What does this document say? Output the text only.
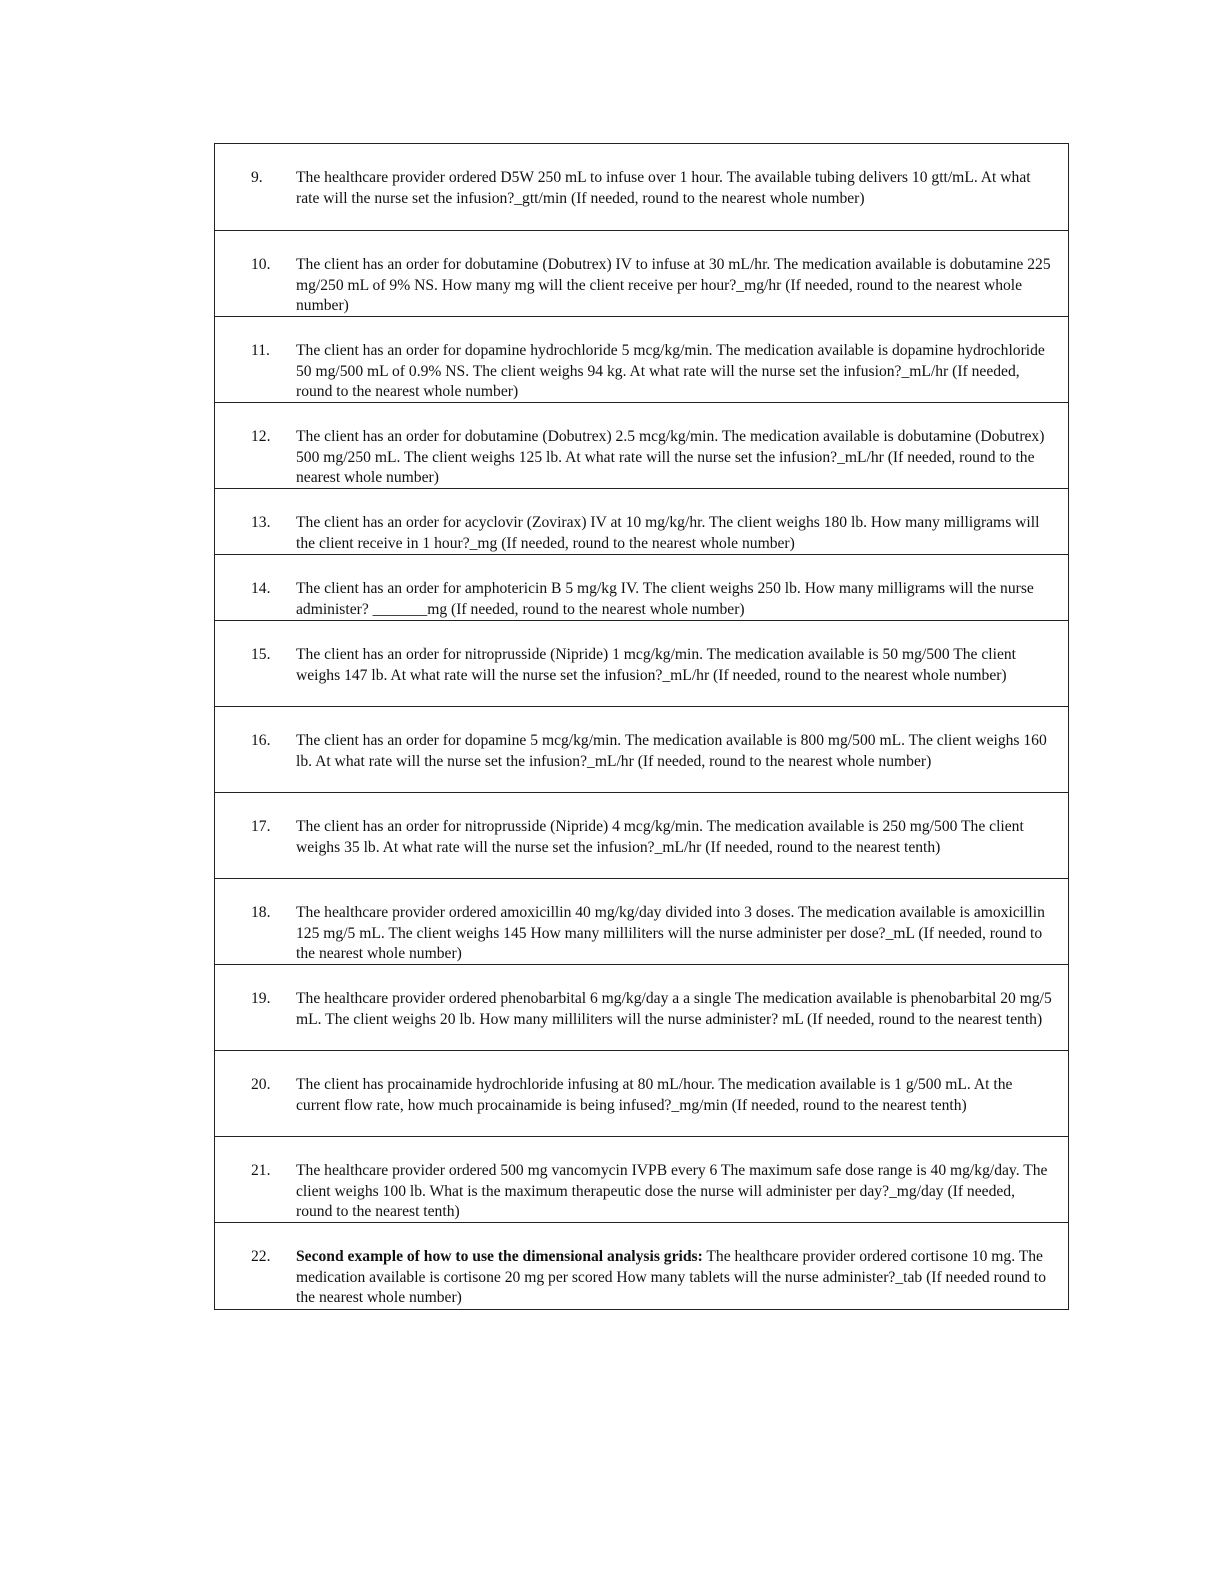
9.	The healthcare provider ordered D5W 250 mL to infuse over 1 hour. The available tubing delivers 10 gtt/mL. At what rate will the nurse set the infusion?_gtt/min (If needed, round to the nearest whole number)
10.	The client has an order for dobutamine (Dobutrex) IV to infuse at 30 mL/hr. The medication available is dobutamine 225 mg/250 mL of 9% NS. How many mg will the client receive per hour?_mg/hr (If needed, round to the nearest whole number)
11.	The client has an order for dopamine hydrochloride 5 mcg/kg/min. The medication available is dopamine hydrochloride 50 mg/500 mL of 0.9% NS. The client weighs 94 kg. At what rate will the nurse set the infusion?_mL/hr (If needed, round to the nearest whole number)
12.	The client has an order for dobutamine (Dobutrex) 2.5 mcg/kg/min. The medication available is dobutamine (Dobutrex) 500 mg/250 mL. The client weighs 125 lb. At what rate will the nurse set the infusion?_mL/hr (If needed, round to the nearest whole number)
13.	The client has an order for acyclovir (Zovirax) IV at 10 mg/kg/hr. The client weighs 180 lb. How many milligrams will the client receive in 1 hour?_mg (If needed, round to the nearest whole number)
14.	The client has an order for amphotericin B 5 mg/kg IV. The client weighs 250 lb. How many milligrams will the nurse administer? _______mg (If needed, round to the nearest whole number)
15.	The client has an order for nitroprusside (Nipride) 1 mcg/kg/min. The medication available is 50 mg/500 The client weighs 147 lb. At what rate will the nurse set the infusion?_mL/hr (If needed, round to the nearest whole number)
16.	The client has an order for dopamine 5 mcg/kg/min. The medication available is 800 mg/500 mL. The client weighs 160 lb. At what rate will the nurse set the infusion?_mL/hr (If needed, round to the nearest whole number)
17.	The client has an order for nitroprusside (Nipride) 4 mcg/kg/min. The medication available is 250 mg/500 The client weighs 35 lb. At what rate will the nurse set the infusion?_mL/hr (If needed, round to the nearest tenth)
18.	The healthcare provider ordered amoxicillin 40 mg/kg/day divided into 3 doses. The medication available is amoxicillin 125 mg/5 mL. The client weighs 145 How many milliliters will the nurse administer per dose?_mL (If needed, round to the nearest whole number)
19.	The healthcare provider ordered phenobarbital 6 mg/kg/day a a single The medication available is phenobarbital 20 mg/5 mL. The client weighs 20 lb. How many milliliters will the nurse administer? mL (If needed, round to the nearest tenth)
20.	The client has procainamide hydrochloride infusing at 80 mL/hour. The medication available is 1 g/500 mL. At the current flow rate, how much procainamide is being infused?_mg/min (If needed, round to the nearest tenth)
21.	The healthcare provider ordered 500 mg vancomycin IVPB every 6 The maximum safe dose range is 40 mg/kg/day. The client weighs 100 lb. What is the maximum therapeutic dose the nurse will administer per day?_mg/day (If needed, round to the nearest tenth)
22.	Second example of how to use the dimensional analysis grids: The healthcare provider ordered cortisone 10 mg. The medication available is cortisone 20 mg per scored How many tablets will the nurse administer?_tab (If needed round to the nearest whole number)
